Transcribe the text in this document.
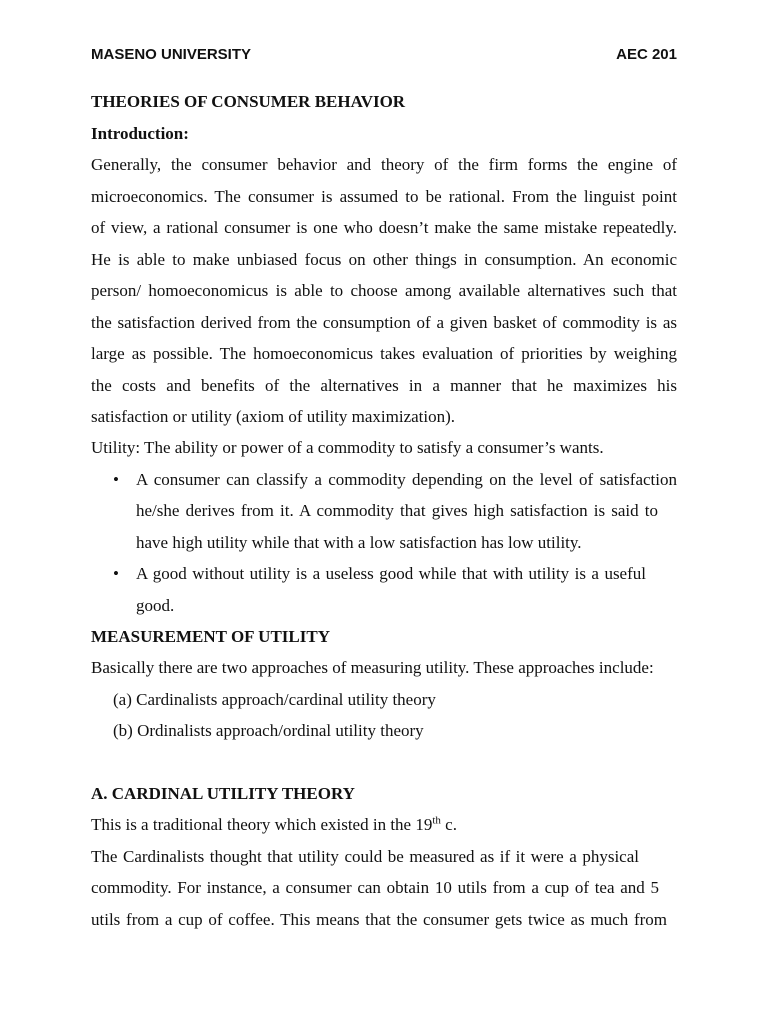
MASENO UNIVERSITY	AEC 201
THEORIES OF CONSUMER BEHAVIOR
Introduction:
Generally, the consumer behavior and theory of the firm forms the engine of
microeconomics. The consumer is assumed to be rational. From the linguist point
of view, a rational consumer is one who doesn’t make the same mistake repeatedly.
He is able to make unbiased focus on other things in consumption. An economic
person/ homoeconomicus is able to choose among available alternatives such that
the satisfaction derived from the consumption of a given basket of commodity is as
large as possible. The homoeconomicus takes evaluation of priorities by weighing
the costs and benefits of the alternatives in a manner that he maximizes his
satisfaction or utility (axiom of utility maximization).
Utility: The ability or power of a commodity to satisfy a consumer’s wants.
•	A consumer can classify a commodity depending on the level of satisfaction
he/she derives from it. A commodity that gives high satisfaction is said to
have high utility while that with a low satisfaction has low utility.
•	A good without utility is a useless good while that with utility is a useful
good.
MEASUREMENT OF UTILITY
Basically there are two approaches of measuring utility. These approaches include:
(a) Cardinalists approach/cardinal utility theory
(b) Ordinalists approach/ordinal utility theory
A. CARDINAL UTILITY THEORY
This is a traditional theory which existed in the 19th c.
The Cardinalists thought that utility could be measured as if it were a physical
commodity. For instance, a consumer can obtain 10 utils from a cup of tea and 5
utils from a cup of coffee. This means that the consumer gets twice as much from
